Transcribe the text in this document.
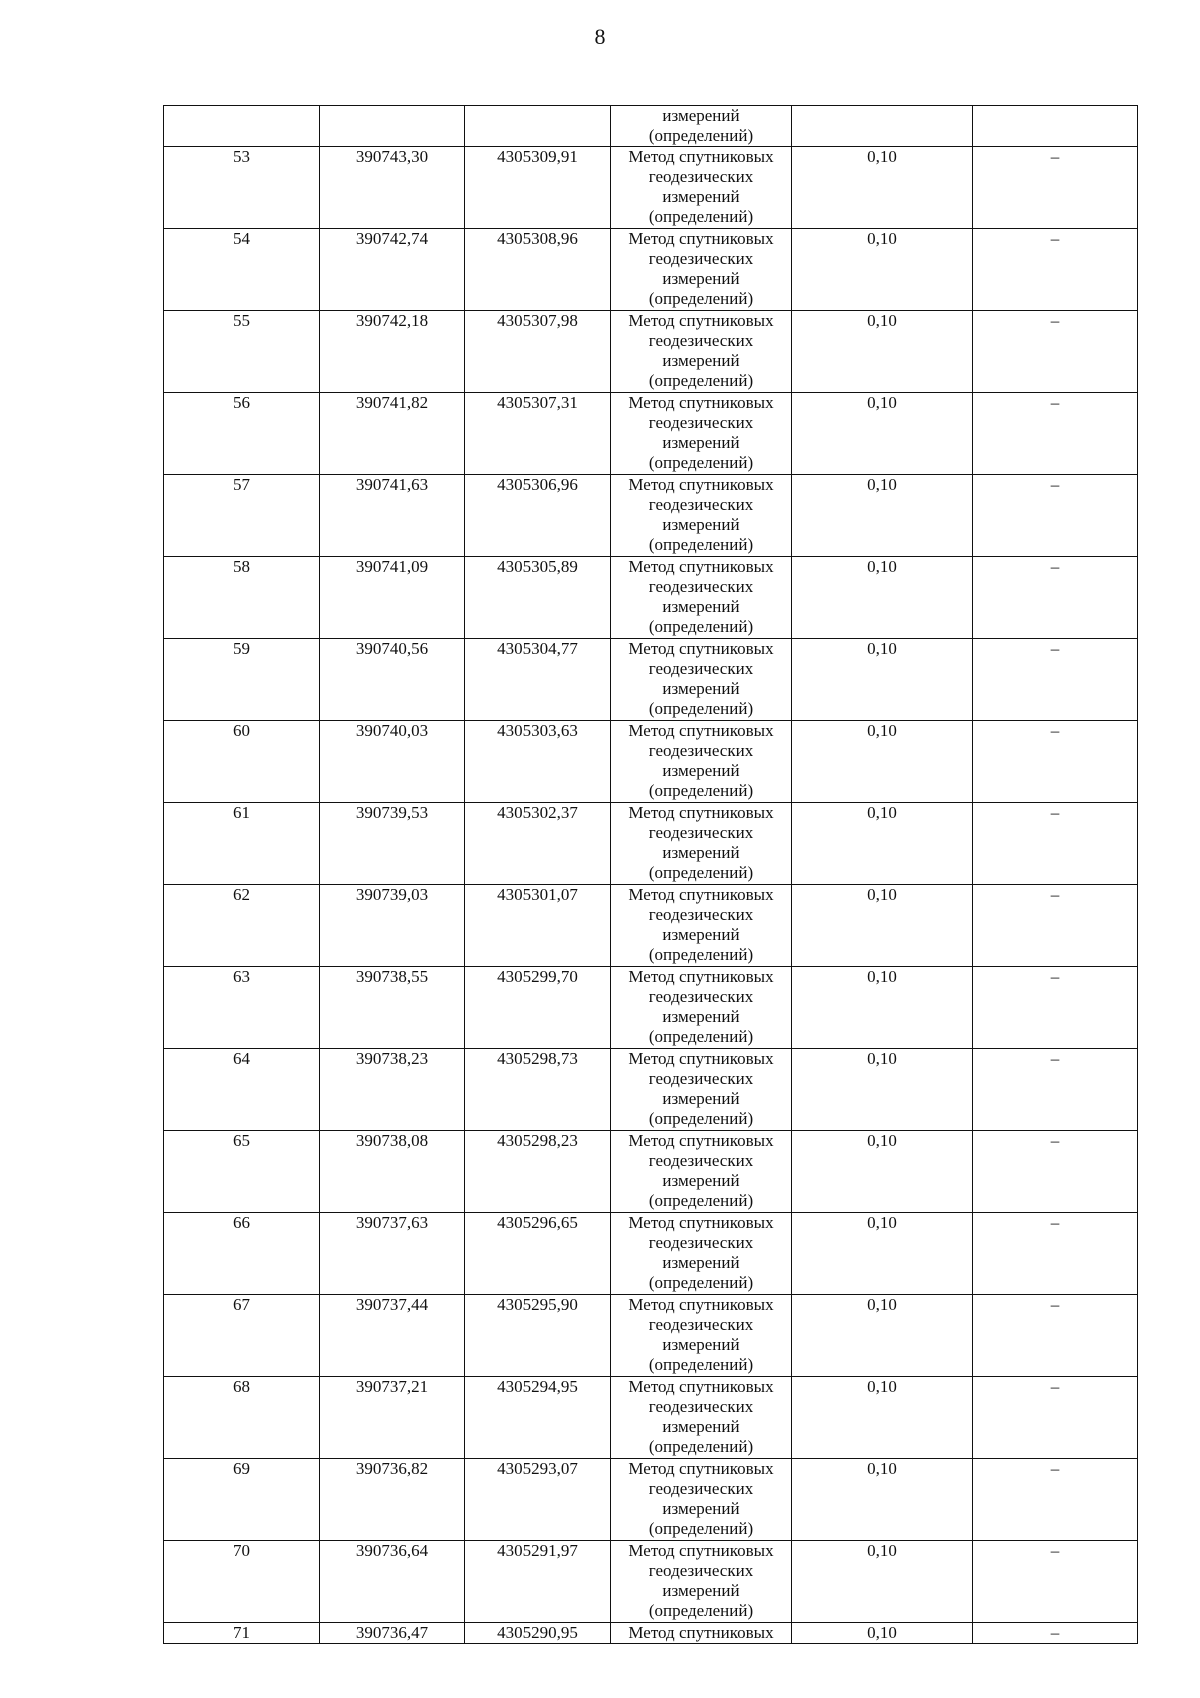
8

			измерений
(определений)		

53	390743,30	4305309,91	Метод спутниковых
геодезических
измерений
(определений)	0,10	–
54	390742,74	4305308,96	Метод спутниковых
геодезических
измерений
(определений)	0,10	–
55	390742,18	4305307,98	Метод спутниковых
геодезических
измерений
(определений)	0,10	–
56	390741,82	4305307,31	Метод спутниковых
геодезических
измерений
(определений)	0,10	–
57	390741,63	4305306,96	Метод спутниковых
геодезических
измерений
(определений)	0,10	–
58	390741,09	4305305,89	Метод спутниковых
геодезических
измерений
(определений)	0,10	–
59	390740,56	4305304,77	Метод спутниковых
геодезических
измерений
(определений)	0,10	–
60	390740,03	4305303,63	Метод спутниковых
геодезических
измерений
(определений)	0,10	–
61	390739,53	4305302,37	Метод спутниковых
геодезических
измерений
(определений)	0,10	–
62	390739,03	4305301,07	Метод спутниковых
геодезических
измерений
(определений)	0,10	–
63	390738,55	4305299,70	Метод спутниковых
геодезических
измерений
(определений)	0,10	–
64	390738,23	4305298,73	Метод спутниковых
геодезических
измерений
(определений)	0,10	–
65	390738,08	4305298,23	Метод спутниковых
геодезических
измерений
(определений)	0,10	–
66	390737,63	4305296,65	Метод спутниковых
геодезических
измерений
(определений)	0,10	–
67	390737,44	4305295,90	Метод спутниковых
геодезических
измерений
(определений)	0,10	–
68	390737,21	4305294,95	Метод спутниковых
геодезических
измерений
(определений)	0,10	–
69	390736,82	4305293,07	Метод спутниковых
геодезических
измерений
(определений)	0,10	–
70	390736,64	4305291,97	Метод спутниковых
геодезических
измерений
(определений)	0,10	–
71	390736,47	4305290,95	Метод спутниковых	0,10	–
